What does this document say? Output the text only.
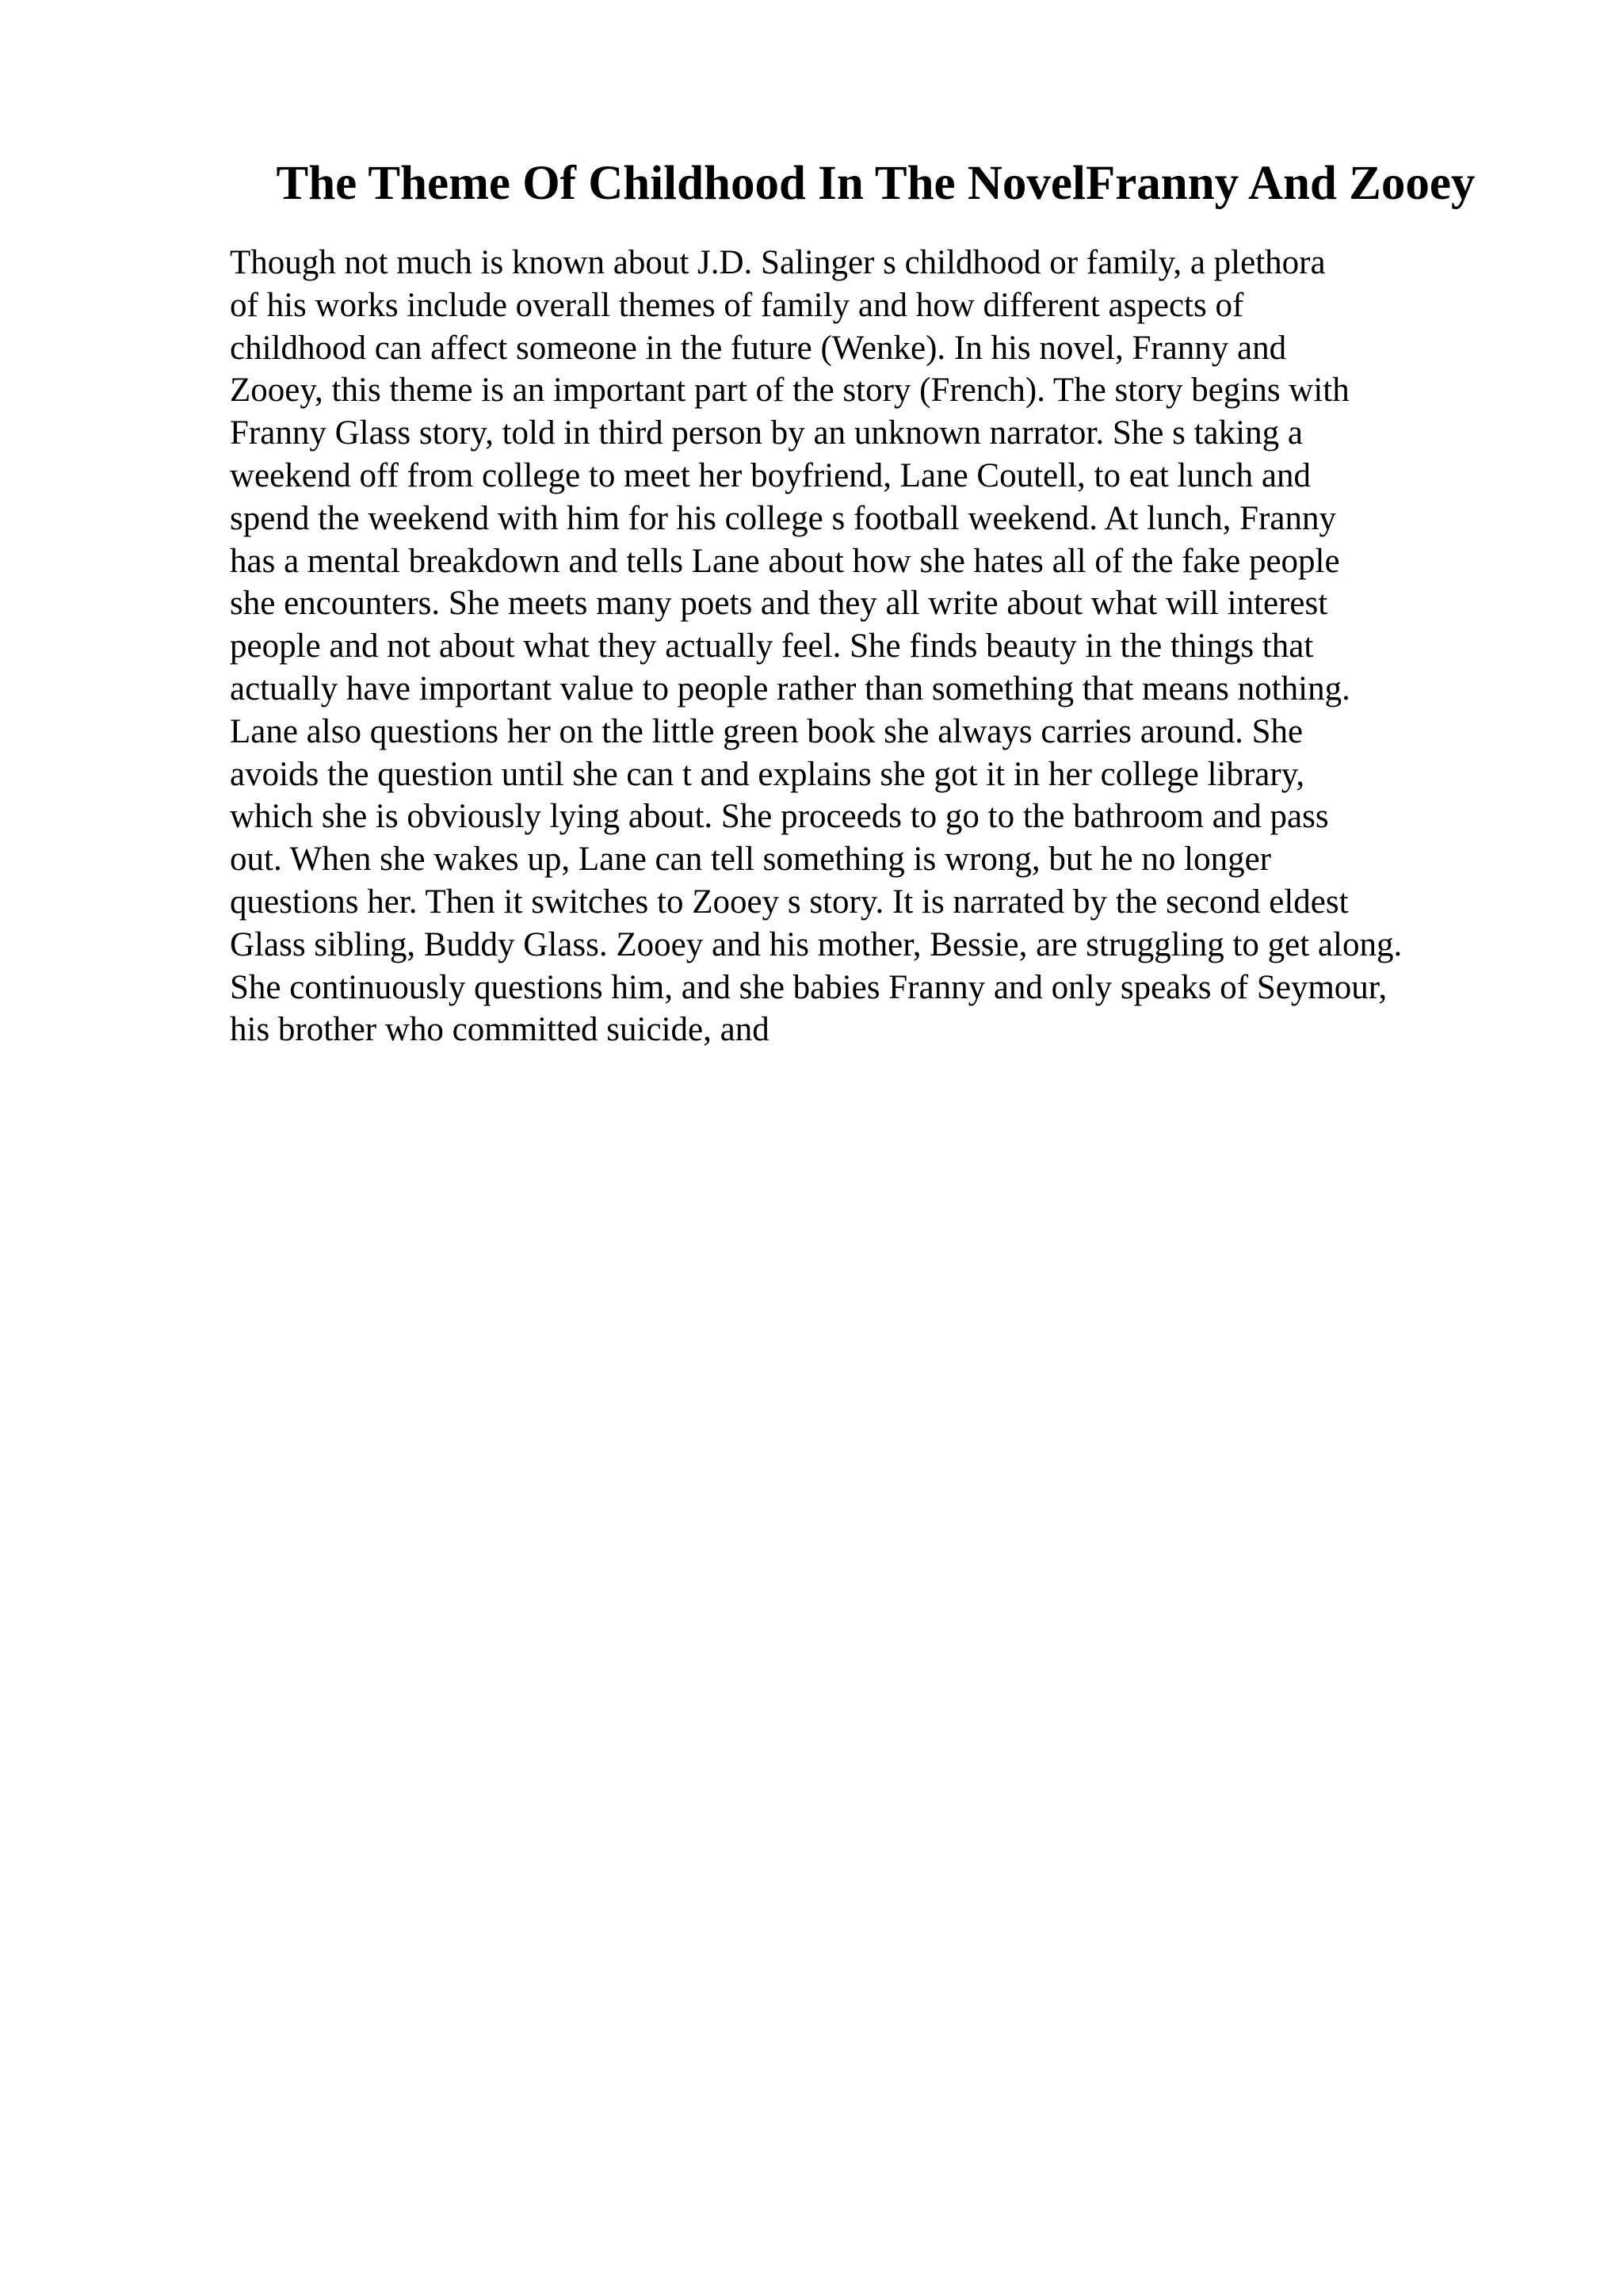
The Theme Of Childhood In The NovelFranny And Zooey
Though not much is known about J.D. Salinger s childhood or family, a plethora
of his works include overall themes of family and how different aspects of
childhood can affect someone in the future (Wenke). In his novel, Franny and
Zooey, this theme is an important part of the story (French). The story begins with
Franny Glass story, told in third person by an unknown narrator. She s taking a
weekend off from college to meet her boyfriend, Lane Coutell, to eat lunch and
spend the weekend with him for his college s football weekend. At lunch, Franny
has a mental breakdown and tells Lane about how she hates all of the fake people
she encounters. She meets many poets and they all write about what will interest
people and not about what they actually feel. She finds beauty in the things that
actually have important value to people rather than something that means nothing.
Lane also questions her on the little green book she always carries around. She
avoids the question until she can t and explains she got it in her college library,
which she is obviously lying about. She proceeds to go to the bathroom and pass
out. When she wakes up, Lane can tell something is wrong, but he no longer
questions her. Then it switches to Zooey s story. It is narrated by the second eldest
Glass sibling, Buddy Glass. Zooey and his mother, Bessie, are struggling to get along.
She continuously questions him, and she babies Franny and only speaks of Seymour,
his brother who committed suicide, and
